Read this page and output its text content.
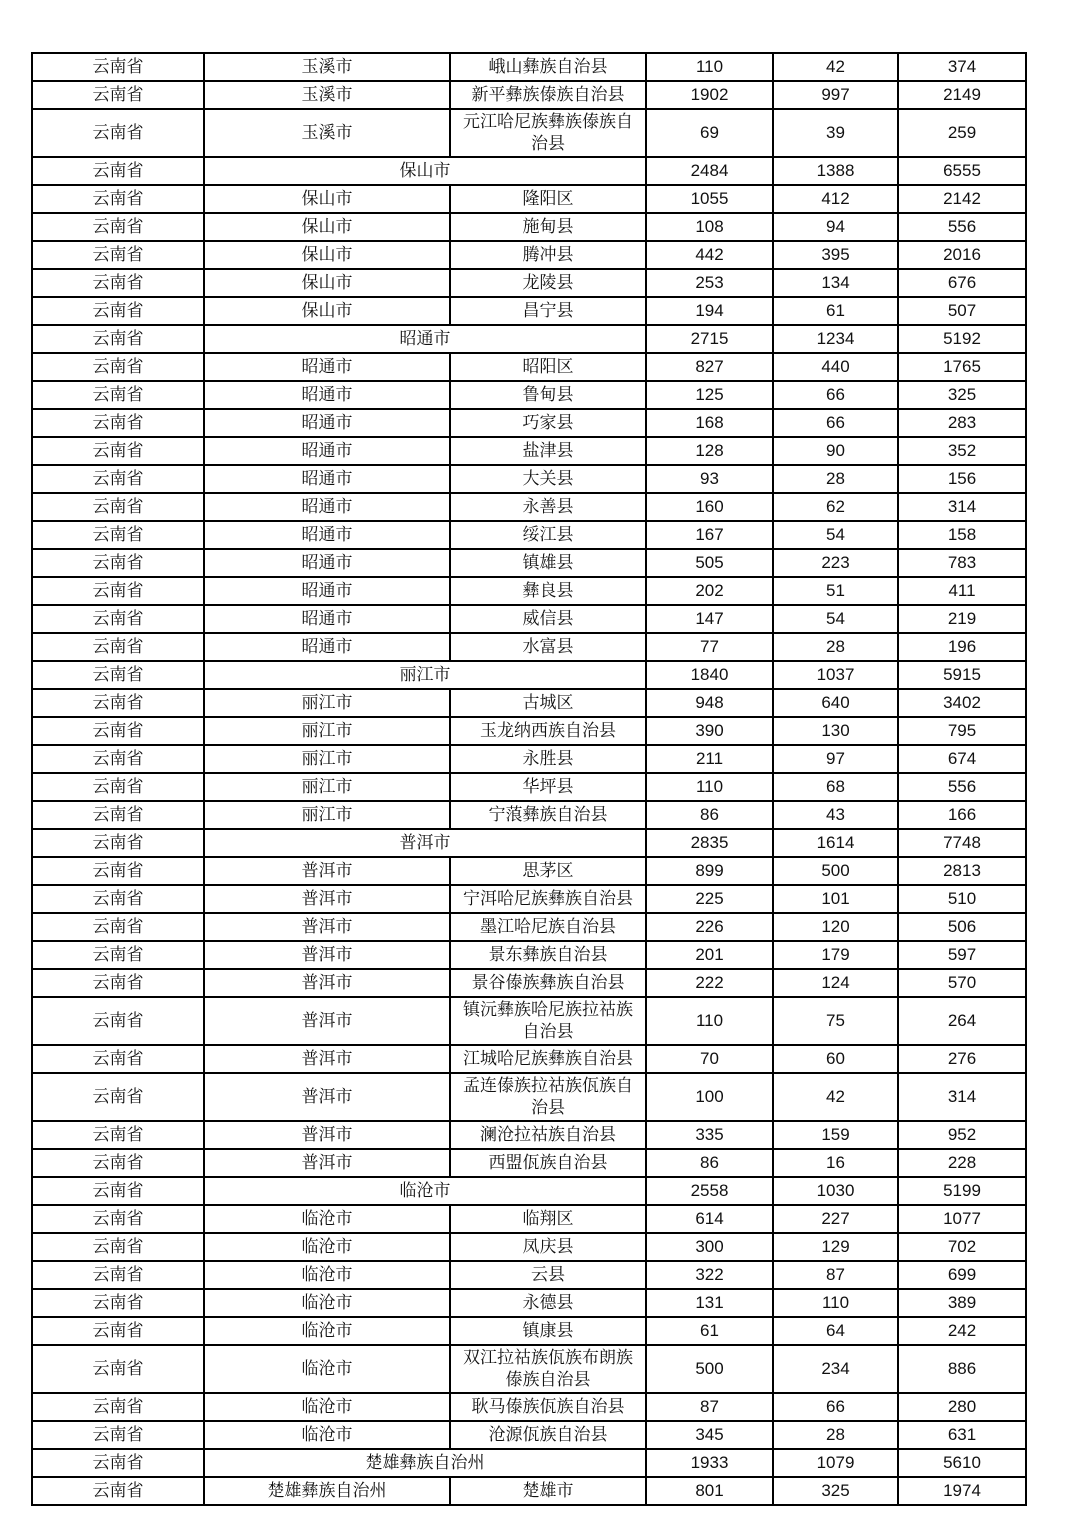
云南省	玉溪市	峨山彝族自治县	110	42	374
云南省	玉溪市	新平彝族傣族自治县	1902	997	2149
云南省	玉溪市	元江哈尼族彝族傣族自治县	69	39	259
云南省	保山市		2484	1388	6555
云南省	保山市	隆阳区	1055	412	2142
云南省	保山市	施甸县	108	94	556
云南省	保山市	腾冲县	442	395	2016
云南省	保山市	龙陵县	253	134	676
云南省	保山市	昌宁县	194	61	507
云南省	昭通市		2715	1234	5192
云南省	昭通市	昭阳区	827	440	1765
云南省	昭通市	鲁甸县	125	66	325
云南省	昭通市	巧家县	168	66	283
云南省	昭通市	盐津县	128	90	352
云南省	昭通市	大关县	93	28	156
云南省	昭通市	永善县	160	62	314
云南省	昭通市	绥江县	167	54	158
云南省	昭通市	镇雄县	505	223	783
云南省	昭通市	彝良县	202	51	411
云南省	昭通市	威信县	147	54	219
云南省	昭通市	水富县	77	28	196
云南省	丽江市		1840	1037	5915
云南省	丽江市	古城区	948	640	3402
云南省	丽江市	玉龙纳西族自治县	390	130	795
云南省	丽江市	永胜县	211	97	674
云南省	丽江市	华坪县	110	68	556
云南省	丽江市	宁蒗彝族自治县	86	43	166
云南省	普洱市		2835	1614	7748
云南省	普洱市	思茅区	899	500	2813
云南省	普洱市	宁洱哈尼族彝族自治县	225	101	510
云南省	普洱市	墨江哈尼族自治县	226	120	506
云南省	普洱市	景东彝族自治县	201	179	597
云南省	普洱市	景谷傣族彝族自治县	222	124	570
云南省	普洱市	镇沅彝族哈尼族拉祜族自治县	110	75	264
云南省	普洱市	江城哈尼族彝族自治县	70	60	276
云南省	普洱市	孟连傣族拉祜族佤族自治县	100	42	314
云南省	普洱市	澜沧拉祜族自治县	335	159	952
云南省	普洱市	西盟佤族自治县	86	16	228
云南省	临沧市		2558	1030	5199
云南省	临沧市	临翔区	614	227	1077
云南省	临沧市	凤庆县	300	129	702
云南省	临沧市	云县	322	87	699
云南省	临沧市	永德县	131	110	389
云南省	临沧市	镇康县	61	64	242
云南省	临沧市	双江拉祜族佤族布朗族傣族自治县	500	234	886
云南省	临沧市	耿马傣族佤族自治县	87	66	280
云南省	临沧市	沧源佤族自治县	345	28	631
云南省	楚雄彝族自治州		1933	1079	5610
云南省	楚雄彝族自治州	楚雄市	801	325	1974
